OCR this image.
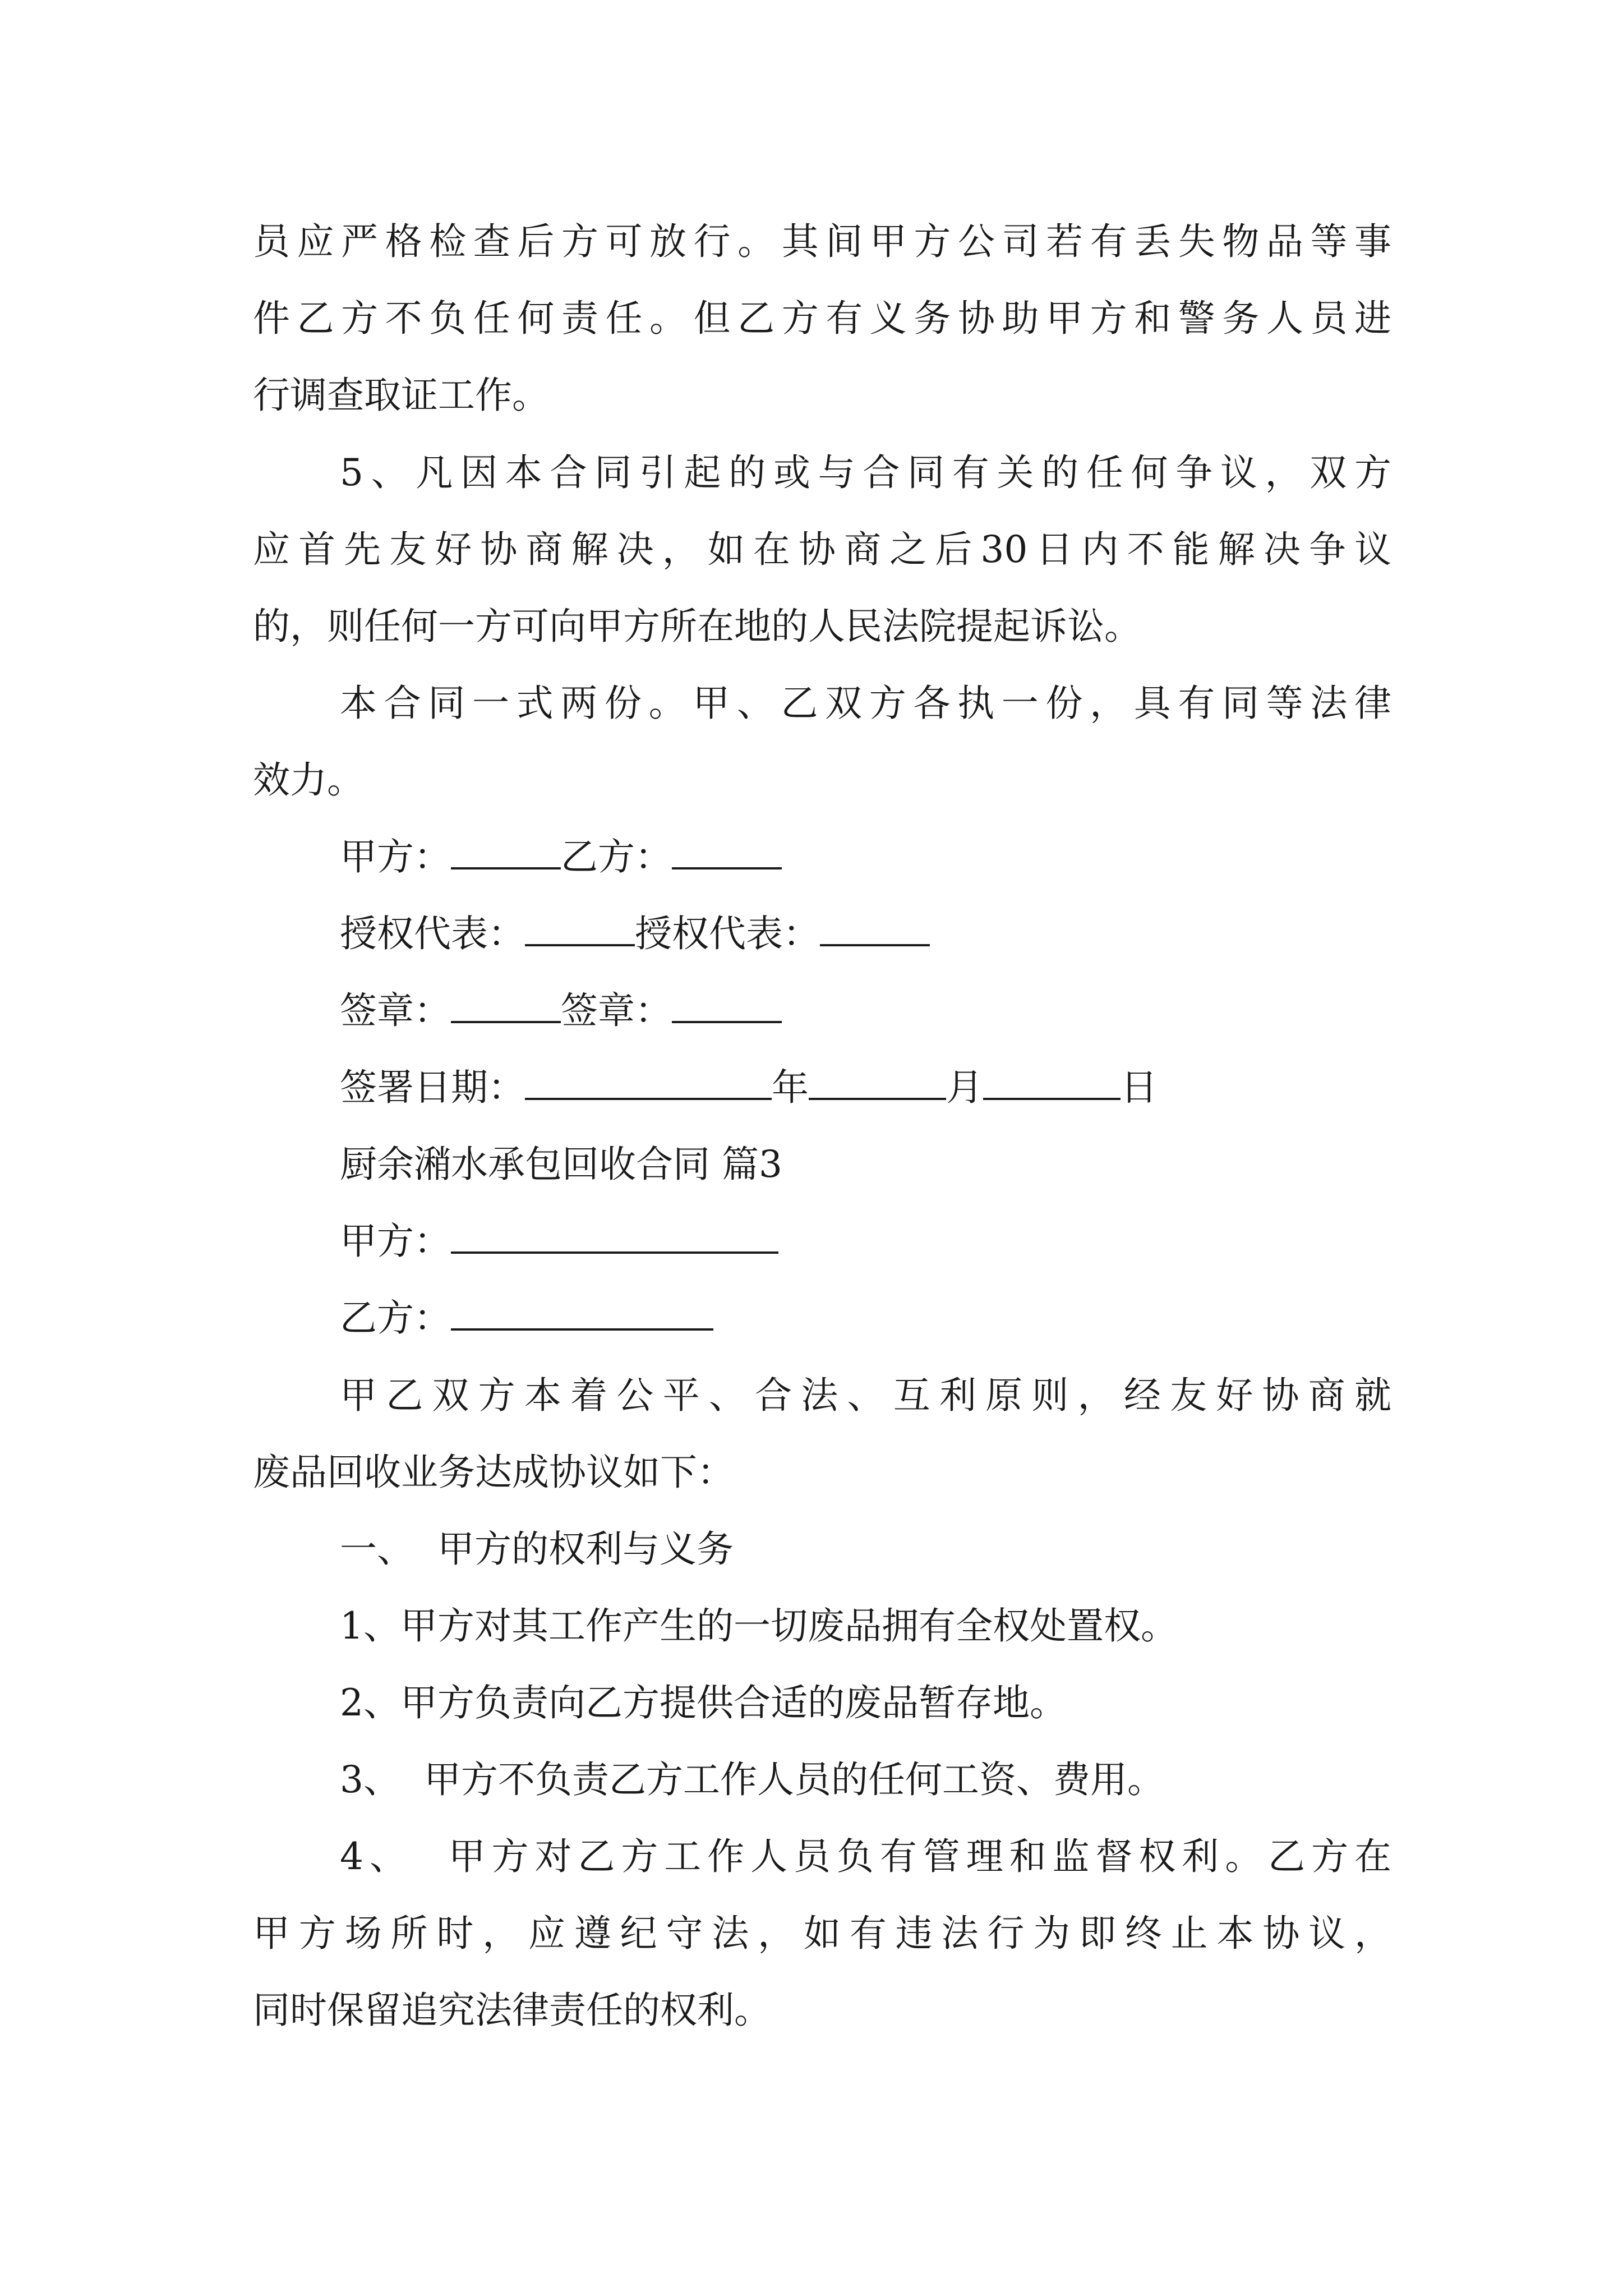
员应严格检查后方可放行。其间甲方公司若有丢失物品等事
件乙方不负任何责任。但乙方有义务协助甲方和警务人员进
行调查取证工作。
5、凡因本合同引起的或与合同有关的任何争议，双方
应首先友好协商解决，如在协商之后30日内不能解决争议
的，则任何一方可向甲方所在地的人民法院提起诉讼。
本合同一式两份。甲、乙双方各执一份，具有同等法律
效力。
甲方：	乙方：
授权代表：	授权代表：
签章：	签章：
签署日期：	年	月	日
厨余潲水承包回收合同 篇3
甲方：
乙方：
甲乙双方本着公平、合法、互利原则，经友好协商就
废品回收业务达成协议如下：
一、  甲方的权利与义务
1、甲方对其工作产生的一切废品拥有全权处置权。
2、甲方负责向乙方提供合适的废品暂存地。
3、  甲方不负责乙方工作人员的任何工资、费用。
4、  甲方对乙方工作人员负有管理和监督权利。乙方在
甲方场所时，应遵纪守法，如有违法行为即终止本协议，
同时保留追究法律责任的权利。
